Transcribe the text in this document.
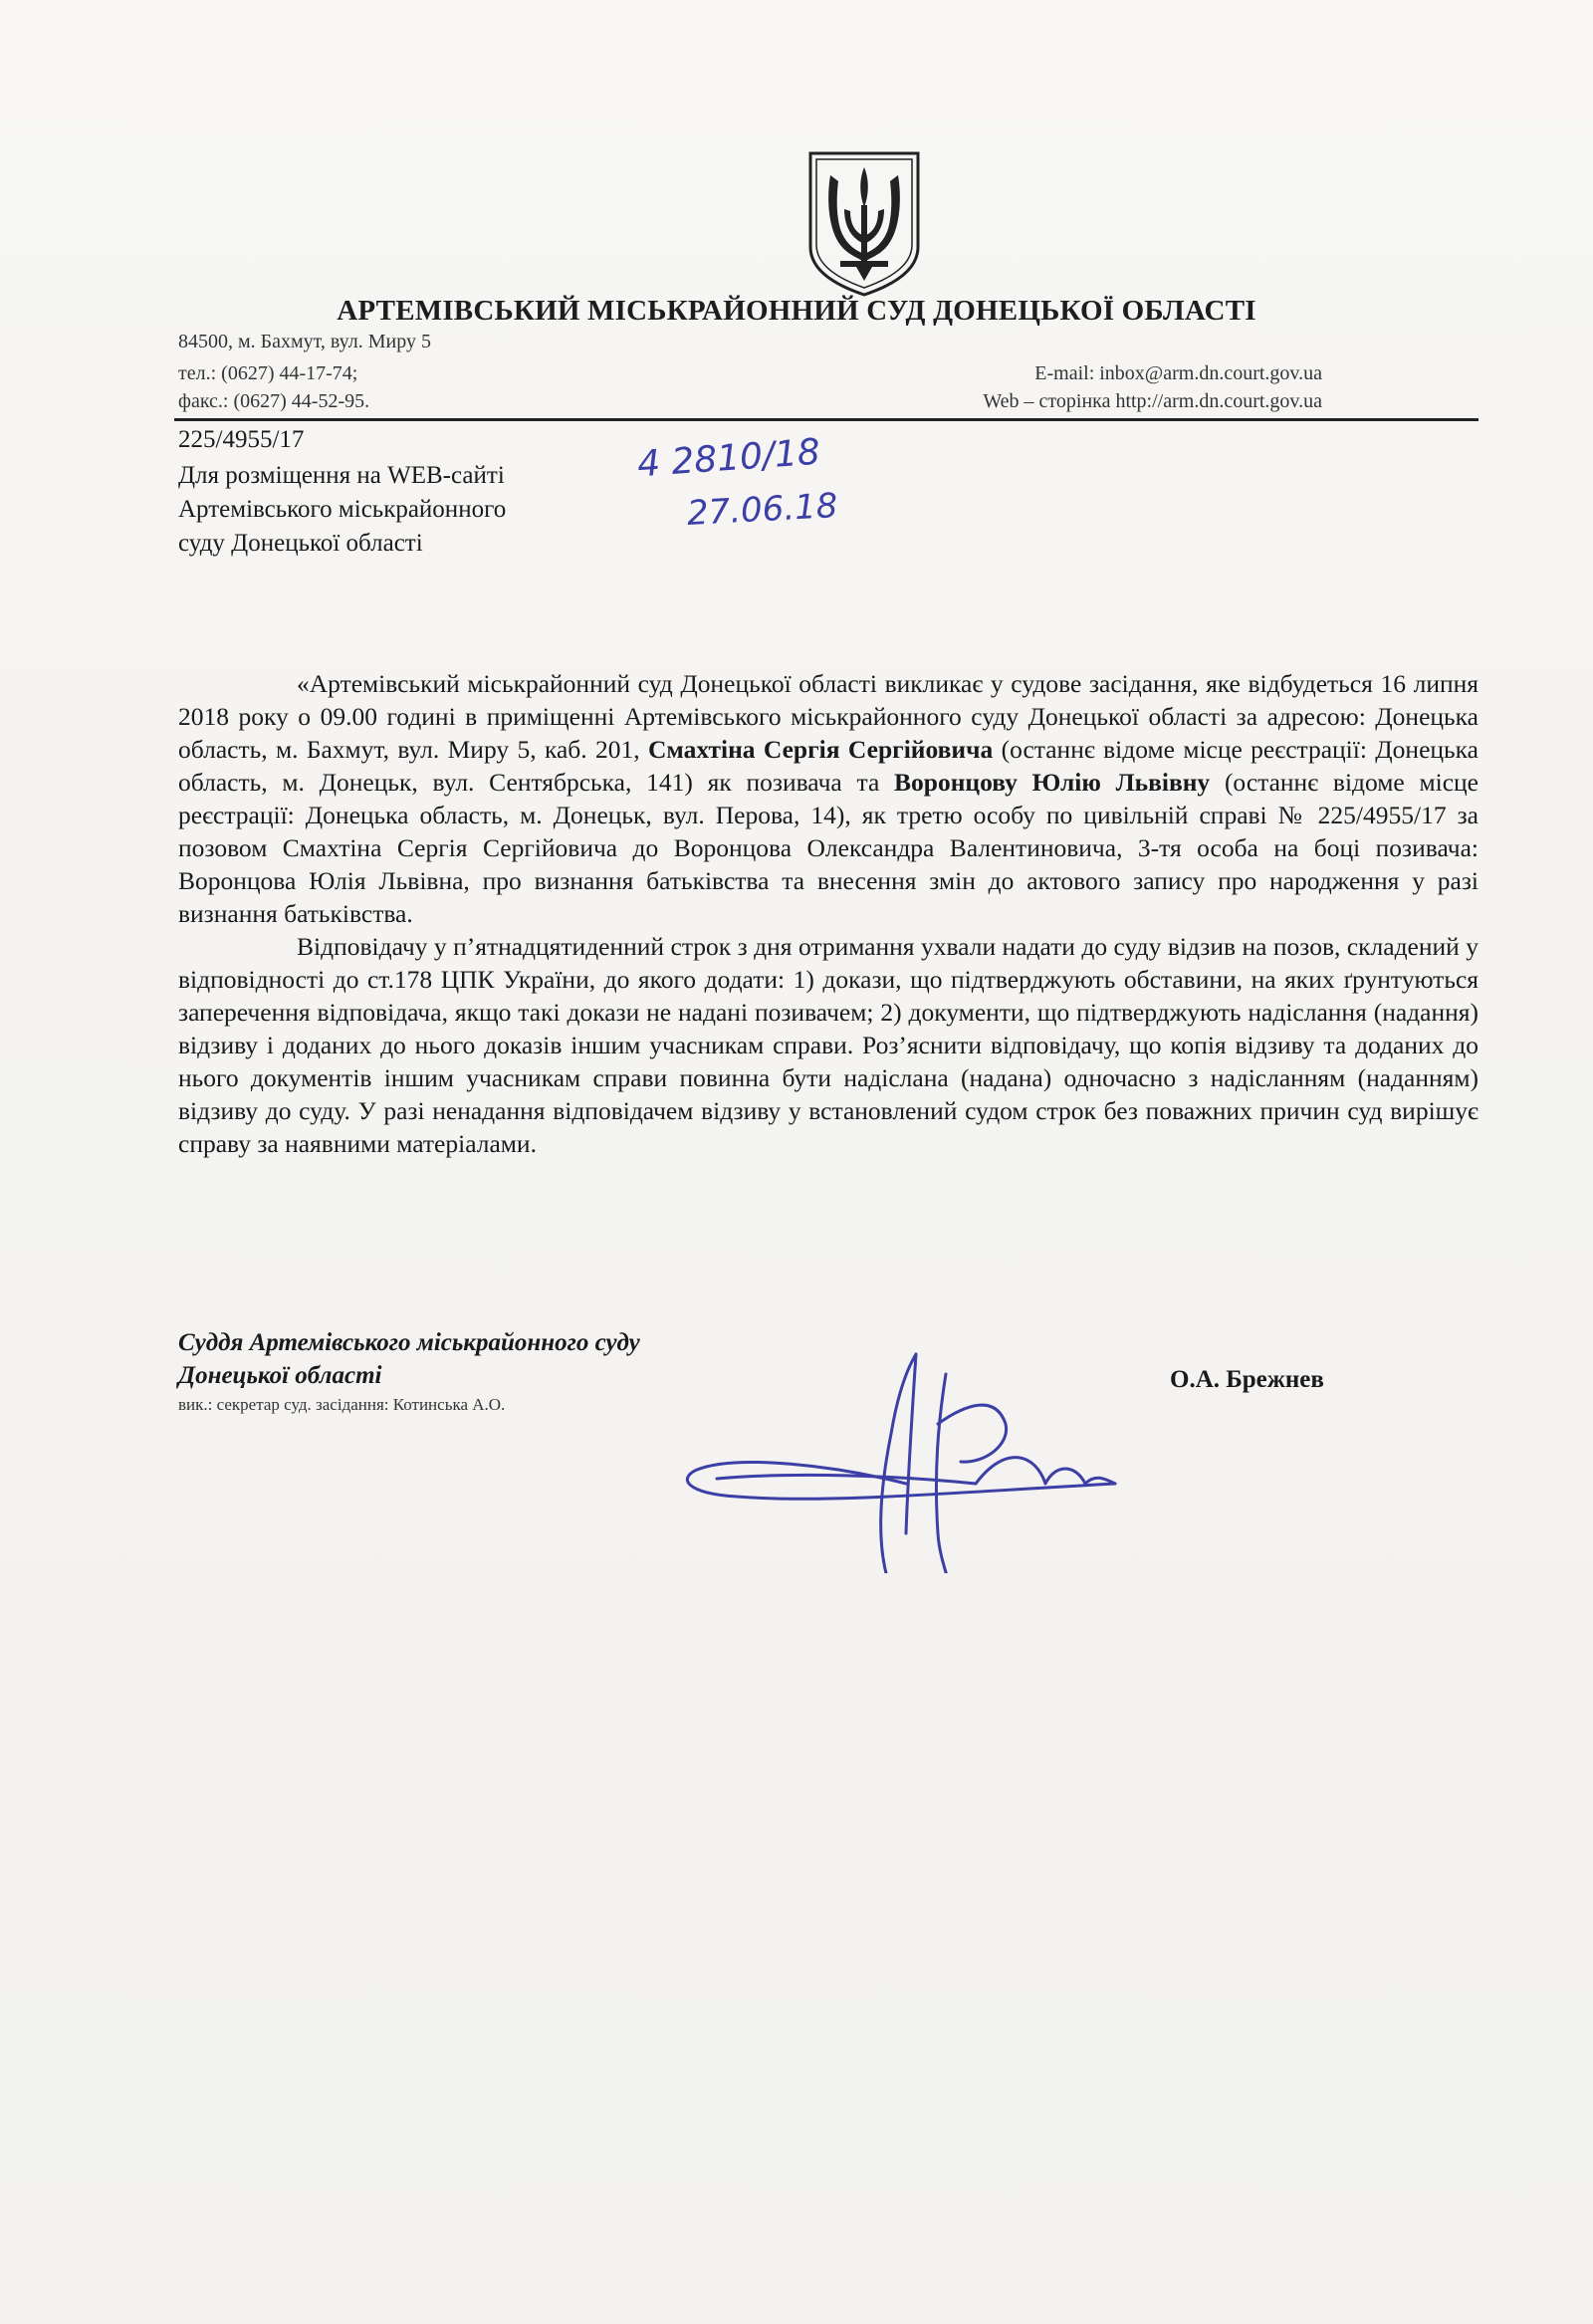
АРТЕМІВСЬКИЙ МІСЬКРАЙОННИЙ СУД ДОНЕЦЬКОЇ ОБЛАСТІ
84500, м. Бахмут, вул. Миру 5
тел.: (0627) 44-17-74;
факс.: (0627) 44-52-95.
E-mail: inbox@arm.dn.court.gov.ua
Web – сторінка http://arm.dn.court.gov.ua
225/4955/17
Для розміщення на WEB-сайті
Артемівського міськрайонного
суду Донецької області
4 2810/18
27.06.18

«Артемівський міськрайонний суд Донецької області викликає у судове засідання, яке відбудеться 16 липня 2018 року о 09.00 годині в приміщенні Артемівського міськрайонного суду Донецької області за адресою: Донецька область, м. Бахмут, вул. Миру 5, каб. 201, Смахтіна Сергія Сергійовича (останнє відоме місце реєстрації: Донецька область, м. Донецьк, вул. Сентябрська, 141) як позивача та Воронцову Юлію Львівну (останнє відоме місце реєстрації: Донецька область, м. Донецьк, вул. Перова, 14), як третю особу по цивільній справі № 225/4955/17 за позовом Смахтіна Сергія Сергійовича до Воронцова Олександра Валентиновича, 3-тя особа на боці позивача: Воронцова Юлія Львівна, про визнання батьківства та внесення змін до актового запису про народження у разі визнання батьківства.

Відповідачу у п’ятнадцятиденний строк з дня отримання ухвали надати до суду відзив на позов, складений у відповідності до ст.178 ЦПК України, до якого додати: 1) докази, що підтверджують обставини, на яких ґрунтуються заперечення відповідача, якщо такі докази не надані позивачем; 2) документи, що підтверджують надіслання (надання) відзиву і доданих до нього доказів іншим учасникам справи. Роз’яснити відповідачу, що копія відзиву та доданих до нього документів іншим учасникам справи повинна бути надіслана (надана) одночасно з надісланням (наданням) відзиву до суду. У разі ненадання відповідачем відзиву у встановлений судом строк без поважних причин суд вирішує справу за наявними матеріалами.

Суддя Артемівського міськрайонного суду
Донецької області
вик.: секретар суд. засідання: Котинська А.О.
О.А. Брежнев
